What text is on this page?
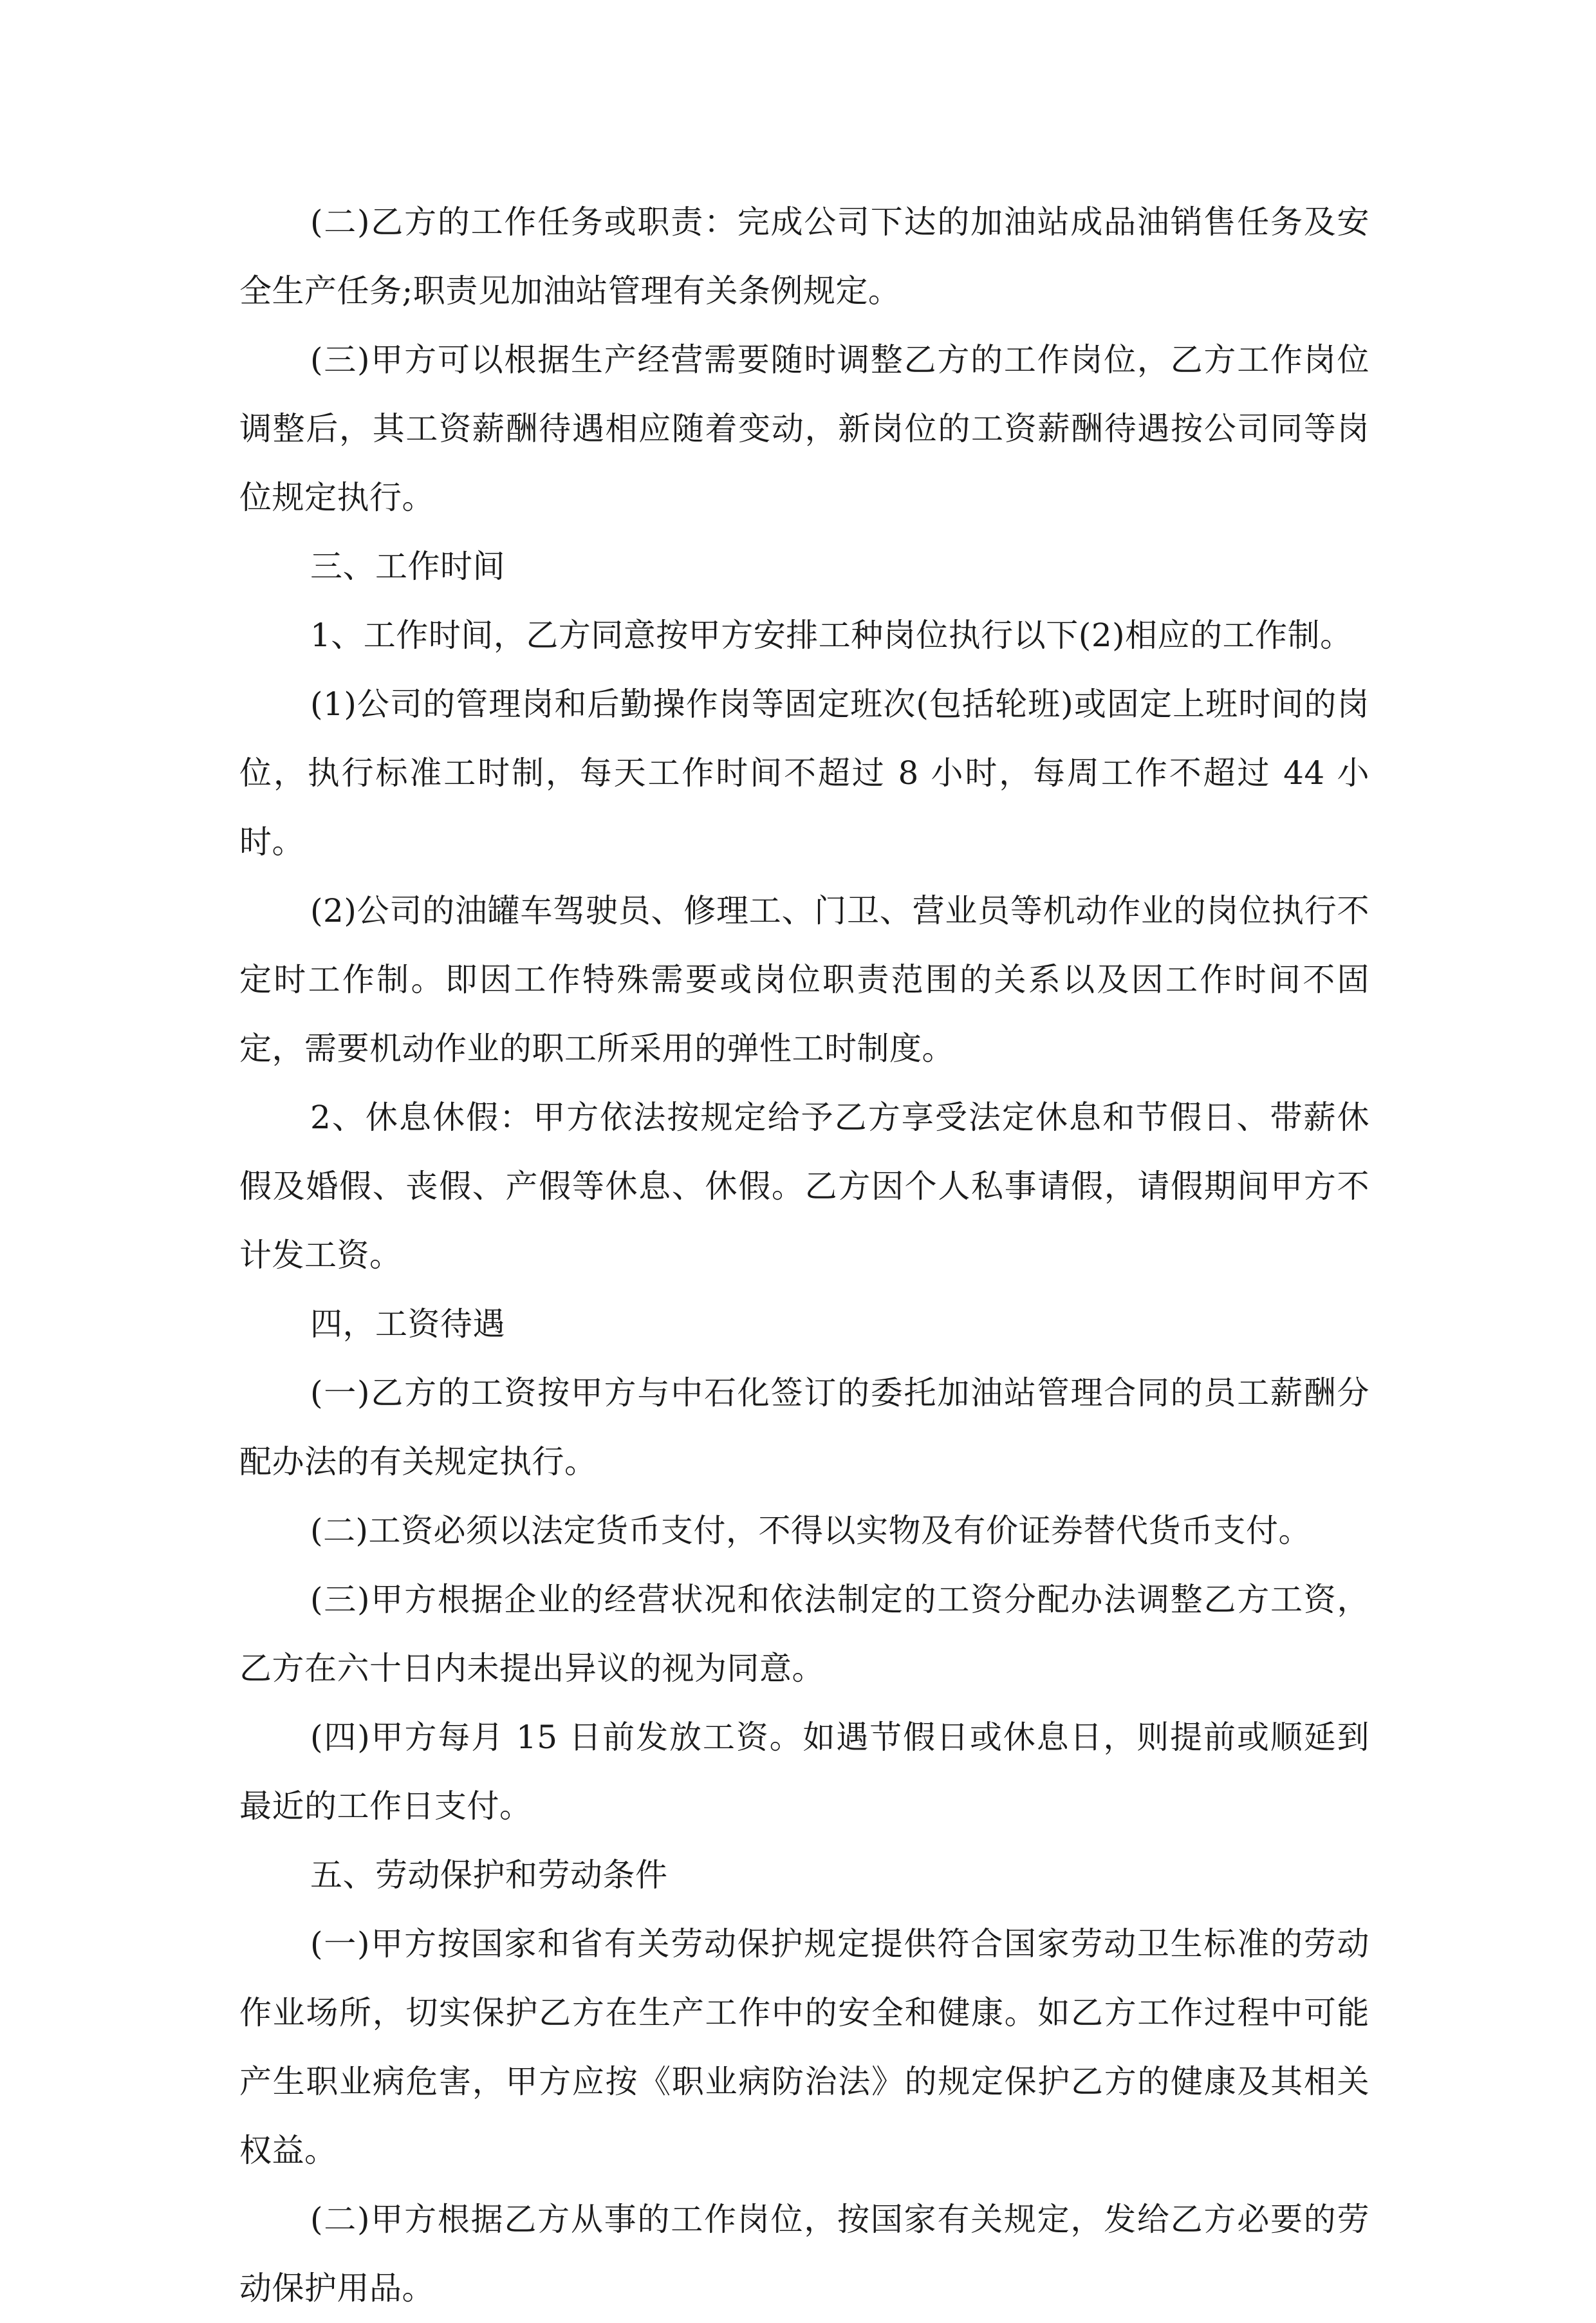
(二)乙方的工作任务或职责：完成公司下达的加油站成品油销售任务及安全生产任务;职责见加油站管理有关条例规定。

(三)甲方可以根据生产经营需要随时调整乙方的工作岗位，乙方工作岗位调整后，其工资薪酬待遇相应随着变动，新岗位的工资薪酬待遇按公司同等岗位规定执行。

三、工作时间

1、工作时间，乙方同意按甲方安排工种岗位执行以下(2)相应的工作制。

(1)公司的管理岗和后勤操作岗等固定班次(包括轮班)或固定上班时间的岗位，执行标准工时制，每天工作时间不超过 8 小时，每周工作不超过 44 小时。

(2)公司的油罐车驾驶员、修理工、门卫、营业员等机动作业的岗位执行不定时工作制。即因工作特殊需要或岗位职责范围的关系以及因工作时间不固定，需要机动作业的职工所采用的弹性工时制度。

2、休息休假：甲方依法按规定给予乙方享受法定休息和节假日、带薪休假及婚假、丧假、产假等休息、休假。乙方因个人私事请假，请假期间甲方不计发工资。

四，工资待遇

(一)乙方的工资按甲方与中石化签订的委托加油站管理合同的员工薪酬分配办法的有关规定执行。

(二)工资必须以法定货币支付，不得以实物及有价证券替代货币支付。

(三)甲方根据企业的经营状况和依法制定的工资分配办法调整乙方工资，乙方在六十日内未提出异议的视为同意。

(四)甲方每月 15 日前发放工资。如遇节假日或休息日，则提前或顺延到最近的工作日支付。

五、劳动保护和劳动条件

(一)甲方按国家和省有关劳动保护规定提供符合国家劳动卫生标准的劳动作业场所，切实保护乙方在生产工作中的安全和健康。如乙方工作过程中可能产生职业病危害，甲方应按《职业病防治法》的规定保护乙方的健康及其相关权益。

(二)甲方根据乙方从事的工作岗位，按国家有关规定，发给乙方必要的劳动保护用品。
